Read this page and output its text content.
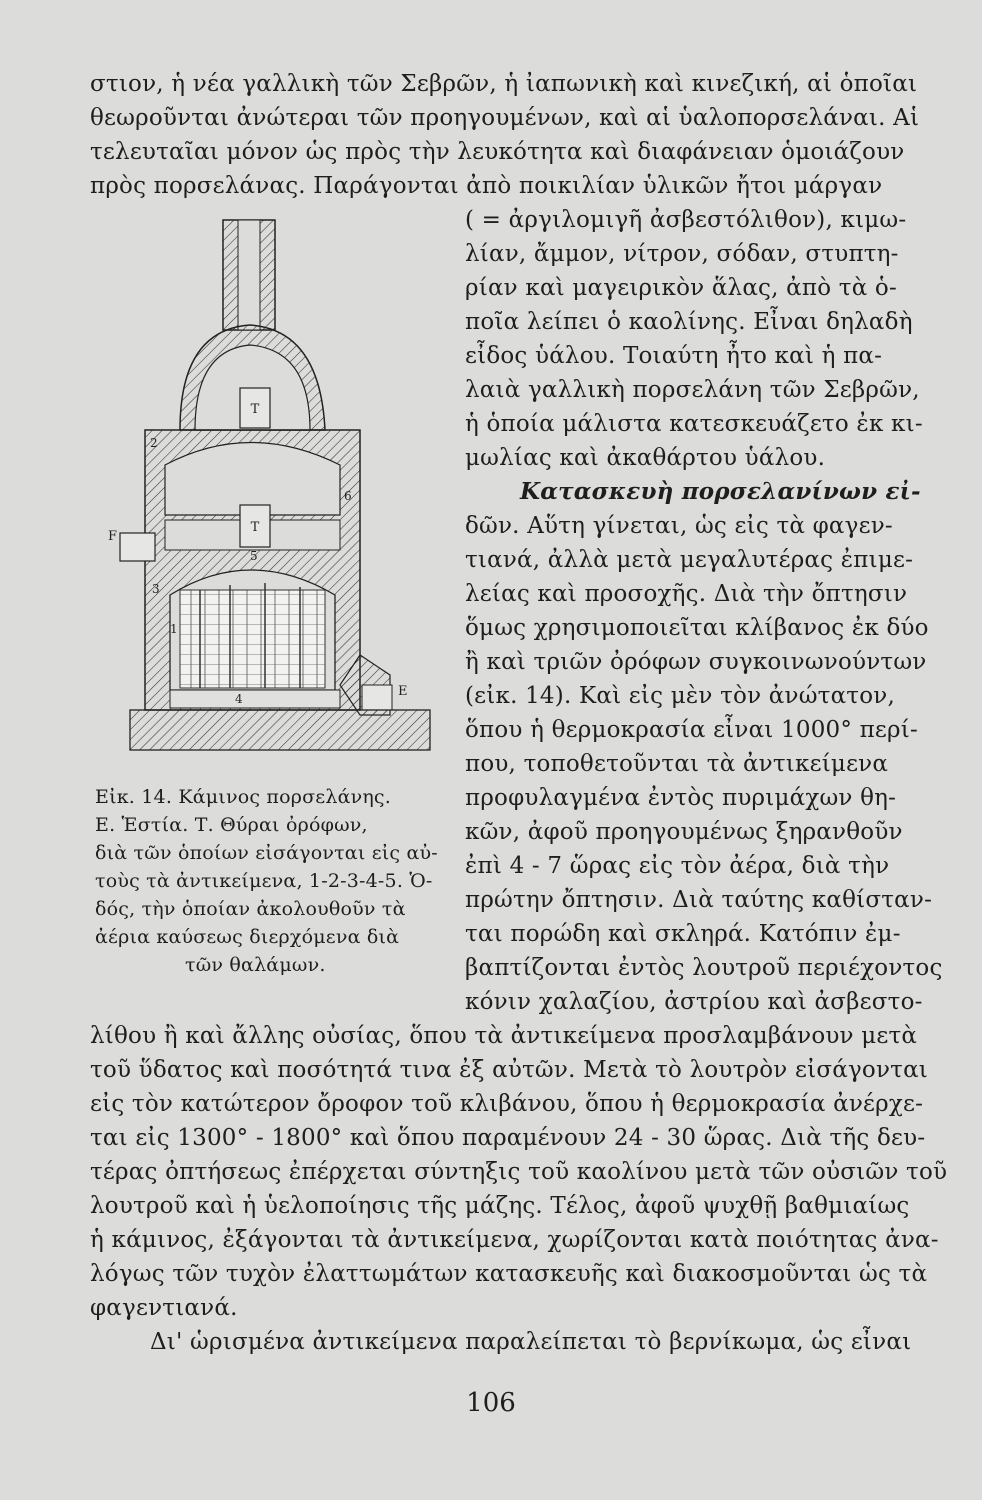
στιον, ἡ νέα γαλλικὴ τῶν Σεβρῶν, ἡ ἰαπωνικὴ καὶ κινεζική, αἱ ὁποῖαι

θεωροῦνται ἀνώτεραι τῶν προηγουμένων, καὶ αἱ ὑαλοπορσελάναι. Αἱ

τελευταῖαι μόνον ὡς πρὸς τὴν λευκότητα καὶ διαφάνειαν ὁμοιάζουν

πρὸς πορσελάνας. Παράγονται ἀπὸ ποικιλίαν ὑλικῶν ἤτοι μάργαν

( = ἀργιλομιγῆ ἀσβεστόλιθον), κιμω-

λίαν, ἄμμον, νίτρον, σόδαν, στυπτη-

ρίαν καὶ μαγειρικὸν ἅλας, ἀπὸ τὰ ὁ-

ποῖα λείπει ὁ καολίνης. Εἶναι δηλαδὴ

εἶδος ὑάλου. Τοιαύτη ἦτο καὶ ἡ πα-

λαιὰ γαλλικὴ πορσελάνη τῶν Σεβρῶν,

ἡ ὁποία μάλιστα κατεσκευάζετο ἐκ κι-

μωλίας καὶ ἀκαθάρτου ὑάλου.

Κατασκευὴ πορσελανίνων εἰ-

δῶν. Αὕτη γίνεται, ὡς εἰς τὰ φαγεν-

τιανά, ἀλλὰ μετὰ μεγαλυτέρας ἐπιμε-

λείας καὶ προσοχῆς. Διὰ τὴν ὄπτησιν

ὅμως χρησιμοποιεῖται κλίβανος ἐκ δύο

ἢ καὶ τριῶν ὀρόφων συγκοινωνούντων

(εἰκ. 14). Καὶ εἰς μὲν τὸν ἀνώτατον,

ὅπου ἡ θερμοκρασία εἶναι 1000° περί-

που, τοποθετοῦνται τὰ ἀντικείμενα

προφυλαγμένα ἐντὸς πυριμάχων θη-

κῶν, ἀφοῦ προηγουμένως ξηρανθοῦν

ἐπὶ 4 - 7 ὥρας εἰς τὸν ἀέρα, διὰ τὴν

πρώτην ὄπτησιν. Διὰ ταύτης καθίσταν-

ται πορώδη καὶ σκληρά. Κατόπιν ἐμ-

βαπτίζονται ἐντὸς λουτροῦ περιέχοντος

κόνιν χαλαζίου, ἀστρίου καὶ ἀσβεστο-

T
T
F
E
1
2
3
4
5
6

Εἰκ. 14. Κάμινος πορσελάνης.

Ε. Ἑστία. Τ. Θύραι ὀρόφων,

διὰ τῶν ὁποίων εἰσάγονται εἰς αὐ-

τοὺς τὰ ἀντικείμενα, 1-2-3-4-5. Ὁ-

δός, τὴν ὁποίαν ἀκολουθοῦν τὰ

ἀέρια καύσεως διερχόμενα διὰ

τῶν θαλάμων.

λίθου ἢ καὶ ἄλλης οὐσίας, ὅπου τὰ ἀντικείμενα προσλαμβάνουν μετὰ

τοῦ ὕδατος καὶ ποσότητά τινα ἐξ αὐτῶν. Μετὰ τὸ λουτρὸν εἰσάγονται

εἰς τὸν κατώτερον ὄροφον τοῦ κλιβάνου, ὅπου ἡ θερμοκρασία ἀνέρχε-

ται εἰς 1300° - 1800° καὶ ὅπου παραμένουν 24 - 30 ὥρας. Διὰ τῆς δευ-

τέρας ὀπτήσεως ἐπέρχεται σύντηξις τοῦ καολίνου μετὰ τῶν οὐσιῶν τοῦ

λουτροῦ καὶ ἡ ὑελοποίησις τῆς μάζης. Τέλος, ἀφοῦ ψυχθῇ βαθμιαίως

ἡ κάμινος, ἐξάγονται τὰ ἀντικείμενα, χωρίζονται κατὰ ποιότητας ἀνα-

λόγως τῶν τυχὸν ἐλαττωμάτων κατασκευῆς καὶ διακοσμοῦνται ὡς τὰ

φαγεντιανά.

Δι' ὡρισμένα ἀντικείμενα παραλείπεται τὸ βερνίκωμα, ὡς εἶναι

106
